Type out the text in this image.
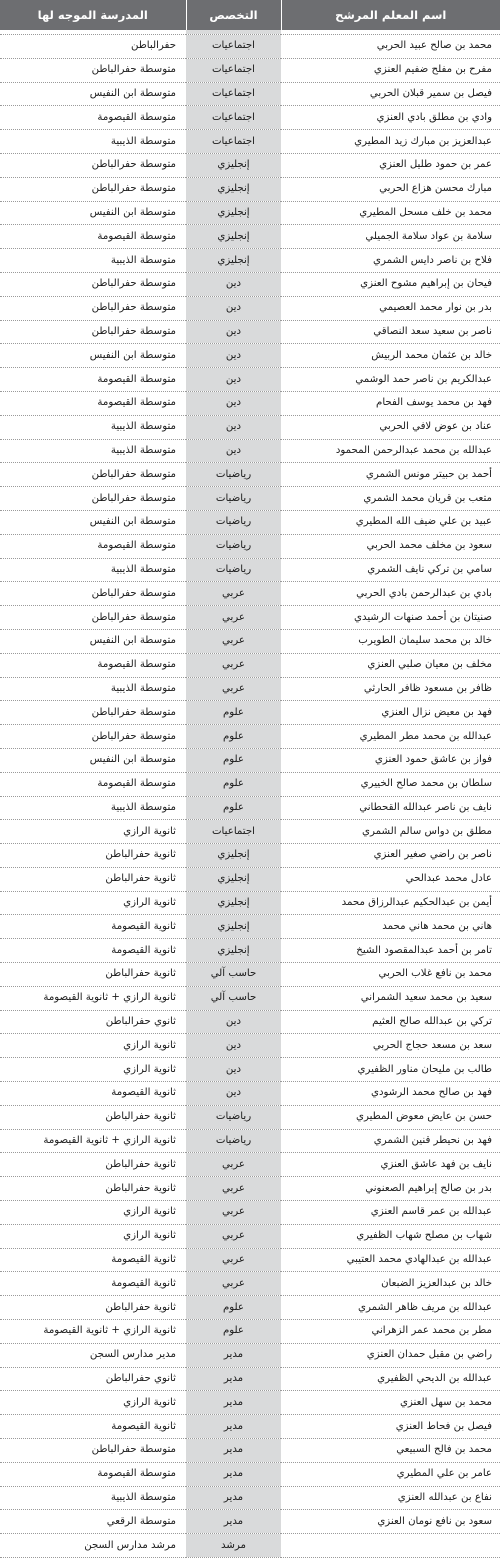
اسم المعلم المرشح	التخصص	المدرسة الموجه لها

محمد بن صالح عبيد الحربي	اجتماعيات	حفرالباطن
مفرح بن مفلح ضفيم العنزي	اجتماعيات	متوسطة حفرالباطن
فيصل بن سمير قبلان الحربي	اجتماعيات	متوسطة ابن النفيس
وادي بن مطلق بادي العنزي	اجتماعيات	متوسطة القيصومة
عبدالعزيز بن مبارك زيد المطيري	اجتماعيات	متوسطة الذيبية
عمر بن حمود طليل العنزي	إنجليزي	متوسطة حفرالباطن
مبارك محسن هزاع الحربي	إنجليزي	متوسطة حفرالباطن
محمد بن خلف مسحل المطيري	إنجليزي	متوسطة ابن النفيس
سلامة بن عواد سلامة الجميلي	إنجليزي	متوسطة القيصومة
فلاح بن ناصر دايس الشمري	إنجليزي	متوسطة الذيبية
فيحان بن إبراهيم مشوح العنزي	دين	متوسطة حفرالباطن
بدر بن نوار محمد العصيمي	دين	متوسطة حفرالباطن
ناصر بن سعيد سعد النصاقي	دين	متوسطة حفرالباطن
خالد بن عثمان محمد الربيش	دين	متوسطة ابن النفيس
عبدالكريم بن ناصر حمد الوشمي	دين	متوسطة القيصومة
فهد بن محمد يوسف الفحام	دين	متوسطة القيصومة
عناد بن عوض لافي الحربي	دين	متوسطة الذيبية
عبدالله بن محمد عبدالرحمن المحمود	دين	متوسطة الذيبية
أحمد بن حبيتر مونس الشمري	رياضيات	متوسطة حفرالباطن
متعب بن قريان محمد الشمري	رياضيات	متوسطة حفرالباطن
عبيد بن علي ضيف الله المطيري	رياضيات	متوسطة ابن النفيس
سعود بن مخلف محمد الحربي	رياضيات	متوسطة القيصومة
سامي بن تركي نايف الشمري	رياضيات	متوسطة الذيبية
بادي بن عبدالرحمن بادي الحربي	عربي	متوسطة حفرالباطن
صنيتان بن أحمد صنهات الرشيدي	عربي	متوسطة حفرالباطن
خالد بن محمد سليمان الطويرب	عربي	متوسطة ابن النفيس
مخلف بن معيان صلبي العنزي	عربي	متوسطة القيصومة
ظافر بن مسعود ظافر الحارثي	عربي	متوسطة الذيبية
فهد بن معيض نزال العنزي	علوم	متوسطة حفرالباطن
عبدالله بن محمد مطر المطيري	علوم	متوسطة حفرالباطن
فواز بن عاشق حمود العنزي	علوم	متوسطة ابن النفيس
سلطان بن محمد صالح الخييري	علوم	متوسطة القيصومة
نايف بن ناصر عبدالله القحطاني	علوم	متوسطة الذيبية
مطلق بن دواس سالم الشمري	اجتماعيات	ثانوية الرازي
ناصر بن راضي صغير العنزي	إنجليزي	ثانوية حفرالباطن
عادل محمد عبدالحي	إنجليزي	ثانوية حفرالباطن
أيمن بن عبدالحكيم عبدالرزاق محمد	إنجليزي	ثانوية الرازي
هاني بن محمد هاني محمد	إنجليزي	ثانوية القيصومة
تامر بن أحمد عبدالمقصود الشيخ	إنجليزي	ثانوية القيصومة
محمد بن نافع غلاب الحربي	حاسب آلي	ثانوية حفرالباطن
سعيد بن محمد سعيد الشمراني	حاسب آلي	ثانوية الرازي + ثانوية القيصومة
تركي بن عبدالله صالح العثيم	دين	ثانوي حفرالباطن
سعد بن مسعد حجاج الحربي	دين	ثانوية الرازي
طالب بن مليحان مناور الظفيري	دين	ثانوية الرازي
فهد بن صالح محمد الرشودي	دين	ثانوية القيصومة
حسن بن عايض معوض المطيري	رياضيات	ثانوية حفرالباطن
فهد بن نحيطر قنين الشمري	رياضيات	ثانوية الرازي + ثانوية القيصومة
نايف بن فهد عاشق العنزي	عربي	ثانوية حفرالباطن
بدر بن صالح إبراهيم الصعنوني	عربي	ثانوية حفرالباطن
عبدالله بن عمر قاسم العنزي	عربي	ثانوية الرازي
شهاب بن مصلح شهاب الظفيري	عربي	ثانوية الرازي
عبدالله بن عبدالهادي محمد العتيبي	عربي	ثانوية القيصومة
خالد بن عبدالعزيز الضبعان	عربي	ثانوية القيصومة
عبدالله بن مريف ظاهر الشمري	علوم	ثانوية حفرالباطن
مطر بن محمد عمر الزهراني	علوم	ثانوية الرازي + ثانوية القيصومة
راضي بن مقبل حمدان العنزي	مدير	مدير مدارس السجن
عبدالله بن الديحي الظفيري	مدير	ثانوي حفرالباطن
محمد بن سهل العنزي	مدير	ثانوية الرازي
فيصل بن فحاط العنزي	مدير	ثانوية القيصومة
محمد بن فالح السبيعي	مدير	متوسطة حفرالباطن
عامر بن علي المطيري	مدير	متوسطة القيصومة
نفاع بن عبدالله العنزي	مدير	متوسطة الذيبية
سعود بن نافع نومان العنزي	مدير	متوسطة الرقعي
	مرشد	مرشد مدارس السجن
